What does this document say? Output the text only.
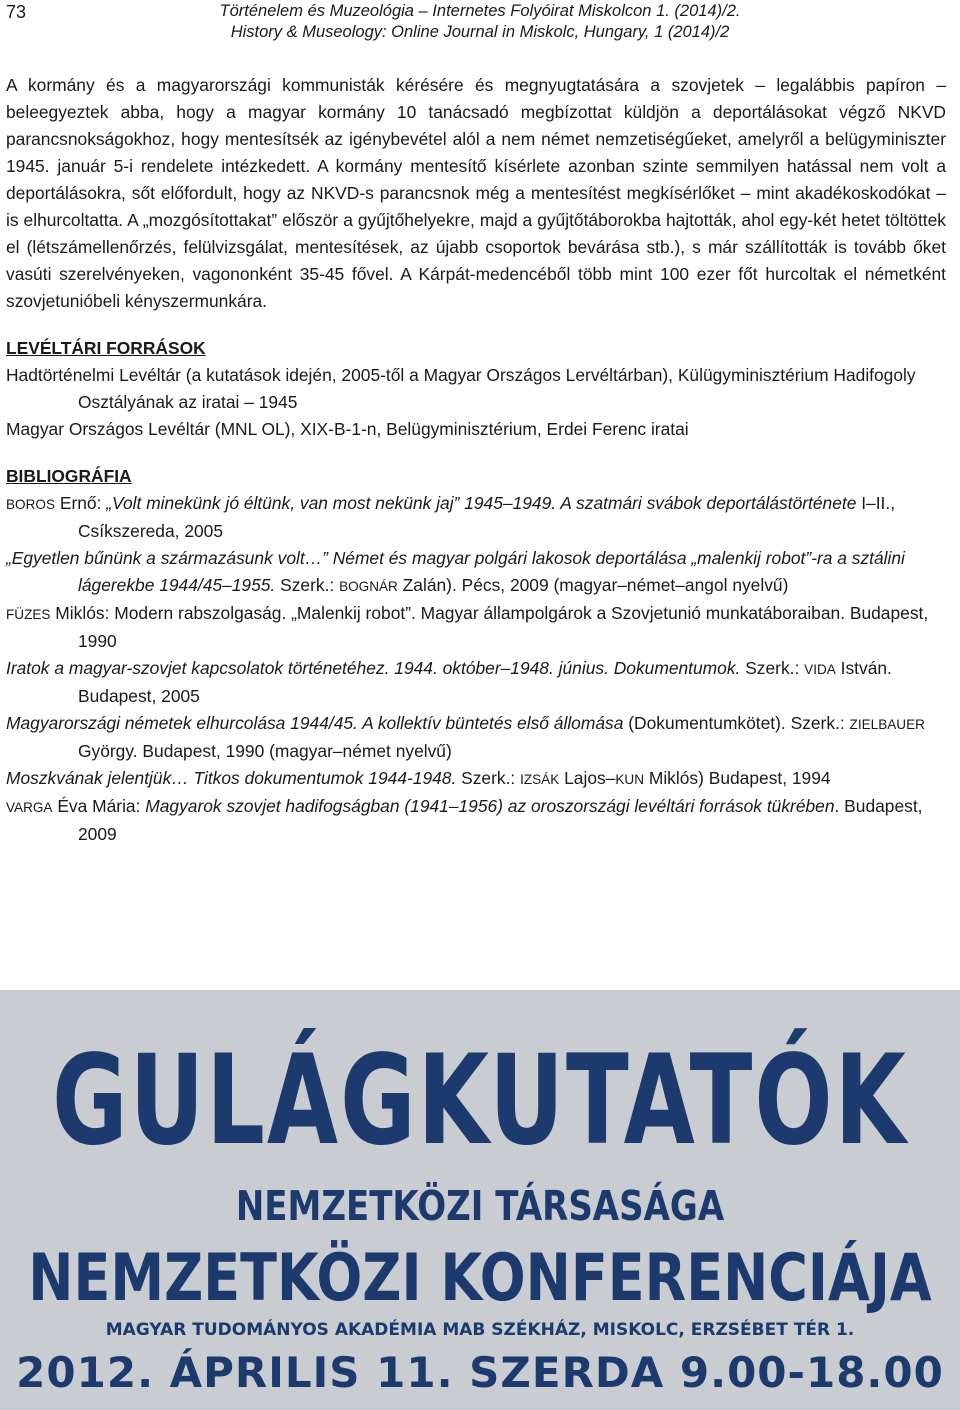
73	Történelem és Muzeológia – Internetes Folyóirat Miskolcon 1. (2014)/2.
History & Museology: Online Journal in Miskolc, Hungary, 1 (2014)/2

A kormány és a magyarországi kommunisták kérésére és megnyugtatására a szovjetek – legalábbis papíron – beleegyeztek abba, hogy a magyar kormány 10 tanácsadó megbízottat küldjön a deportálásokat végző NKVD parancsnokságokhoz, hogy mentesítsék az igénybevétel alól a nem német nemzetiségűeket, amelyről a belügyminiszter 1945. január 5-i rendelete intézkedett. A kormány mentesítő kísérlete azonban szinte semmilyen hatással nem volt a deportálásokra, sőt előfordult, hogy az NKVD-s parancsnok még a mentesítést megkísérlőket – mint akadékoskodókat – is elhurcoltatta. A „mozgósítottakat” először a gyűjtőhelyekre, majd a gyűjtőtáborokba hajtották, ahol egy-két hetet töltöttek el (létszámellenőrzés, felülvizsgálat, mentesítések, az újabb csoportok bevárása stb.), s már szállították is tovább őket vasúti szerelvényeken, vagononként 35-45 fővel. A Kárpát-medencéből több mint 100 ezer főt hurcoltak el németként szovjetunióbeli kényszermunkára.

LEVÉLTÁRI FORRÁSOK
Hadtörténelmi Levéltár (a kutatások idején, 2005-től a Magyar Országos Lervéltárban), Külügyminisztérium Hadifogoly Osztályának az iratai – 1945
Magyar Országos Levéltár (MNL OL), XIX-B-1-n, Belügyminisztérium, Erdei Ferenc iratai
BIBLIOGRÁFIA
BOROS Ernő: „Volt minekünk jó éltünk, van most nekünk jaj” 1945–1949. A szatmári svábok deportálástörténete I–II., Csíkszereda, 2005
„Egyetlen bűnünk a származásunk volt…” Német és magyar polgári lakosok deportálása „malenkij robot”-ra a sztálini lágerekbe 1944/45–1955. Szerk.: BOGNÁR Zalán). Pécs, 2009 (magyar–német–angol nyelvű)
FÜZES Miklós: Modern rabszolgaság. „Malenkij robot”. Magyar állampolgárok a Szovjetunió munkatáboraiban. Budapest, 1990
Iratok a magyar-szovjet kapcsolatok történetéhez. 1944. október–1948. június. Dokumentumok. Szerk.: VIDA István. Budapest, 2005
Magyarországi németek elhurcolása 1944/45. A kollektív büntetés első állomása (Dokumentumkötet). Szerk.: ZIELBAUER György. Budapest, 1990 (magyar–német nyelvű)
Moszkvának jelentjük… Titkos dokumentumok 1944-1948. Szerk.: IZSÁK Lajos–KUN Miklós) Budapest, 1994
VARGA Éva Mária: Magyarok szovjet hadifogságban (1941–1956) az oroszországi levéltári források tükrében. Budapest, 2009
GULÁGKUTATÓK
NEMZETKÖZI TÁRSASÁGA
NEMZETKÖZI KONFERENCIÁJA
MAGYAR TUDOMÁNYOS AKADÉMIA MAB SZÉKHÁZ, MISKOLC, ERZSÉBET TÉR 1.
2012. ÁPRILIS 11. SZERDA 9.00-18.00
